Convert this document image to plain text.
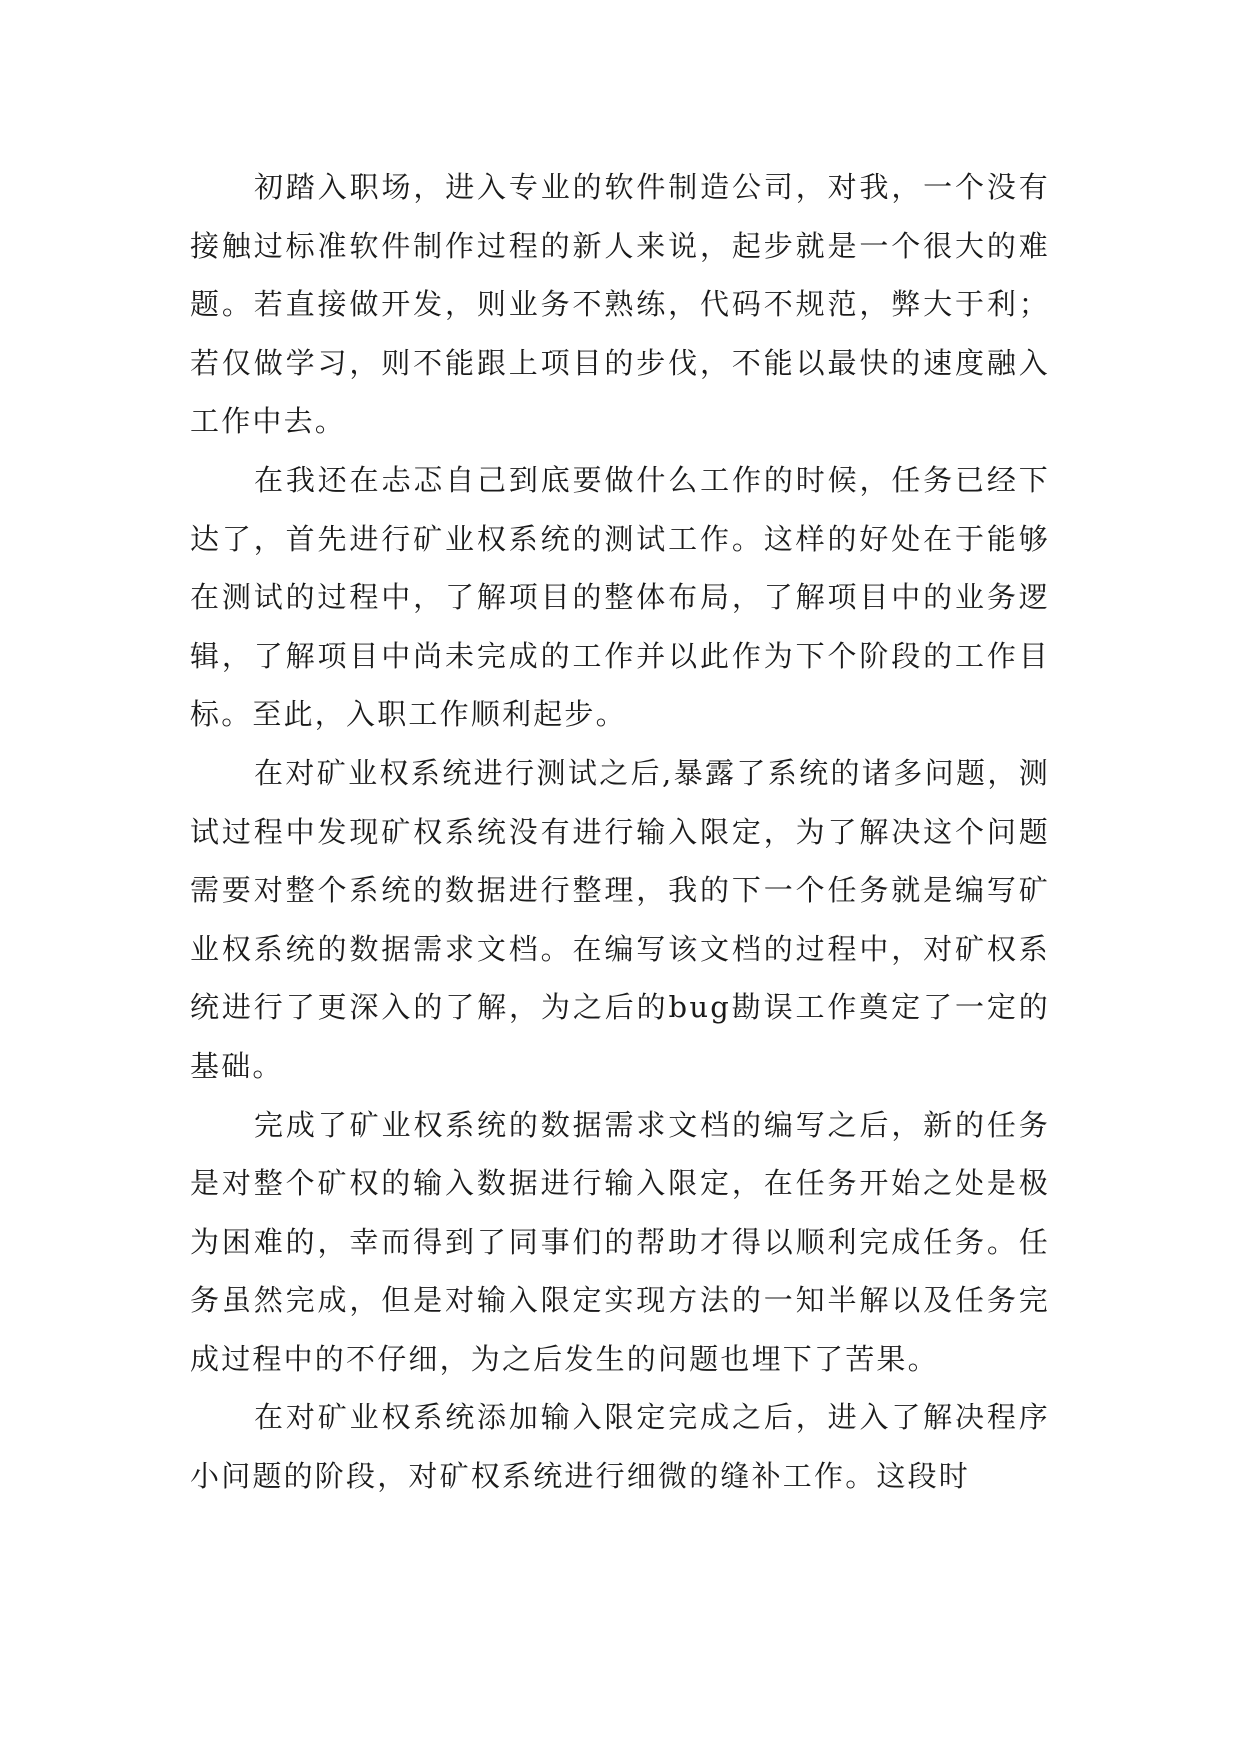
初踏入职场，进入专业的软件制造公司，对我，一个没有接触过标准软件制作过程的新人来说，起步就是一个很大的难题。若直接做开发，则业务不熟练，代码不规范，弊大于利；若仅做学习，则不能跟上项目的步伐，不能以最快的速度融入工作中去。

在我还在忐忑自己到底要做什么工作的时候，任务已经下达了，首先进行矿业权系统的测试工作。这样的好处在于能够在测试的过程中，了解项目的整体布局，了解项目中的业务逻辑，了解项目中尚未完成的工作并以此作为下个阶段的工作目标。至此，入职工作顺利起步。

在对矿业权系统进行测试之后,暴露了系统的诸多问题，测试过程中发现矿权系统没有进行输入限定，为了解决这个问题需要对整个系统的数据进行整理，我的下一个任务就是编写矿业权系统的数据需求文档。在编写该文档的过程中，对矿权系统进行了更深入的了解，为之后的bug勘误工作奠定了一定的基础。

完成了矿业权系统的数据需求文档的编写之后，新的任务是对整个矿权的输入数据进行输入限定，在任务开始之处是极为困难的，幸而得到了同事们的帮助才得以顺利完成任务。任务虽然完成，但是对输入限定实现方法的一知半解以及任务完成过程中的不仔细，为之后发生的问题也埋下了苦果。

在对矿业权系统添加输入限定完成之后，进入了解决程序小问题的阶段，对矿权系统进行细微的缝补工作。这段时
